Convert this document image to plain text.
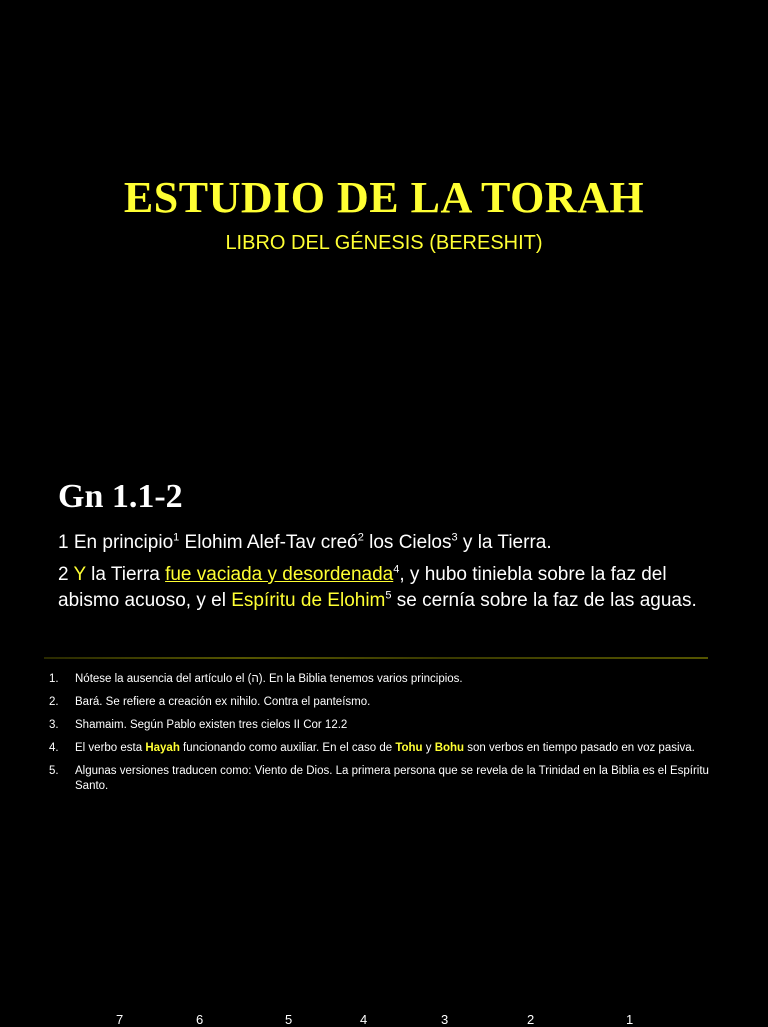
ESTUDIO DE LA TORAH
LIBRO DEL GÉNESIS (BERESHIT)
Gn 1.1-2
1 En principio$^1$ Elohim Alef-Tav creó$^2$ los Cielos$^3$ y la Tierra.
2 Y la Tierra fue vaciada y desordenada$^4$, y hubo tiniebla sobre la faz del abismo acuoso, y el Espíritu de Elohim$^5$ se cernía sobre la faz de las aguas.
1. Nótese la ausencia del artículo el (ה). En la Biblia tenemos varios principios.
2. Bará. Se refiere a creación ex nihilo. Contra el panteísmo.
3. Shamaim. Según Pablo existen tres cielos II Cor 12.2
4. El verbo esta Hayah funcionando como auxiliar. En el caso de Tohu y Bohu son verbos en tiempo pasado en voz pasiva.
5. Algunas versiones traducen como: Viento de Dios. La primera persona que se revela de la Trinidad en la Biblia es el Espíritu Santo.
7	6	5	4	3	2	1
